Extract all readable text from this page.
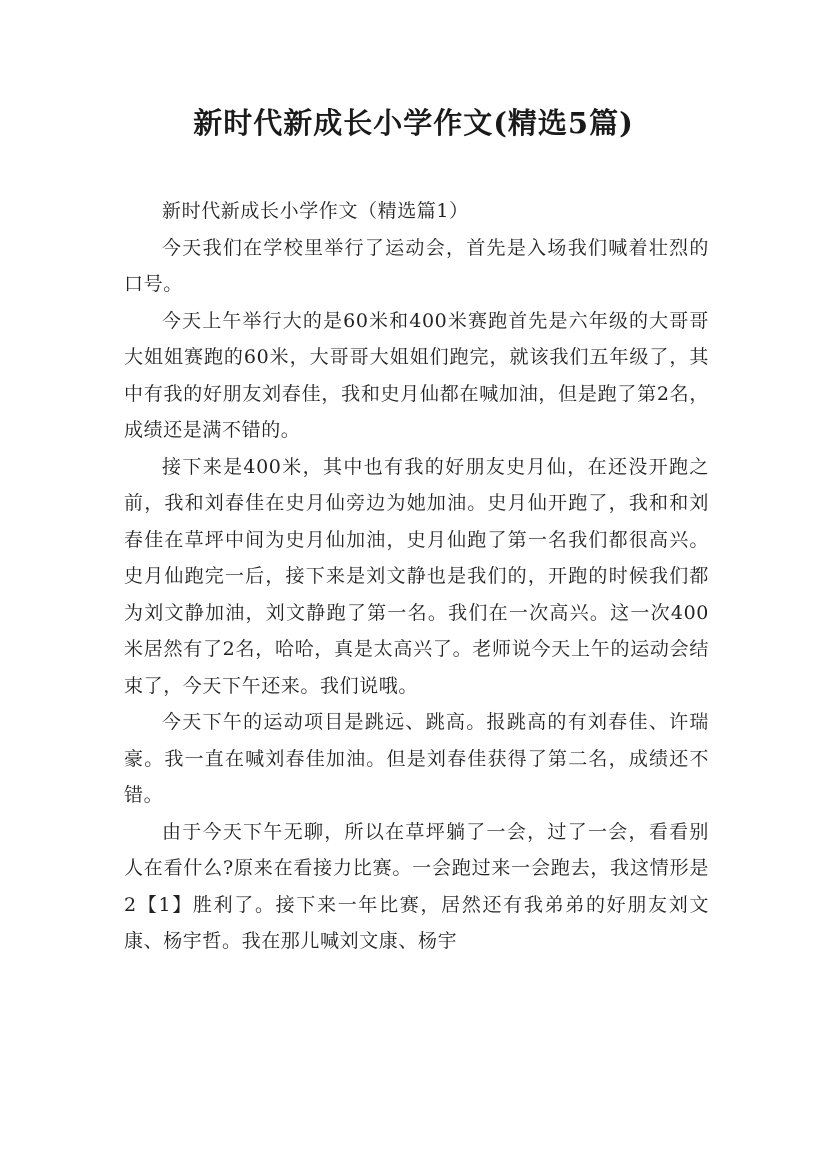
新时代新成长小学作文(精选5篇)

新时代新成长小学作文（精选篇1）

今天我们在学校里举行了运动会，首先是入场我们喊着壮烈的口号。

今天上午举行大的是60米和400米赛跑首先是六年级的大哥哥大姐姐赛跑的60米，大哥哥大姐姐们跑完，就该我们五年级了，其中有我的好朋友刘春佳，我和史月仙都在喊加油，但是跑了第2名，成绩还是满不错的。

接下来是400米，其中也有我的好朋友史月仙，在还没开跑之前，我和刘春佳在史月仙旁边为她加油。史月仙开跑了，我和和刘春佳在草坪中间为史月仙加油，史月仙跑了第一名我们都很高兴。史月仙跑完一后，接下来是刘文静也是我们的，开跑的时候我们都为刘文静加油，刘文静跑了第一名。我们在一次高兴。这一次400米居然有了2名，哈哈，真是太高兴了。老师说今天上午的运动会结束了，今天下午还来。我们说哦。

今天下午的运动项目是跳远、跳高。报跳高的有刘春佳、许瑞豪。我一直在喊刘春佳加油。但是刘春佳获得了第二名，成绩还不错。

由于今天下午无聊，所以在草坪躺了一会，过了一会，看看别人在看什么?原来在看接力比赛。一会跑过来一会跑去，我这情形是2【1】胜利了。接下来一年比赛，居然还有我弟弟的好朋友刘文康、杨宇哲。我在那儿喊刘文康、杨宇
